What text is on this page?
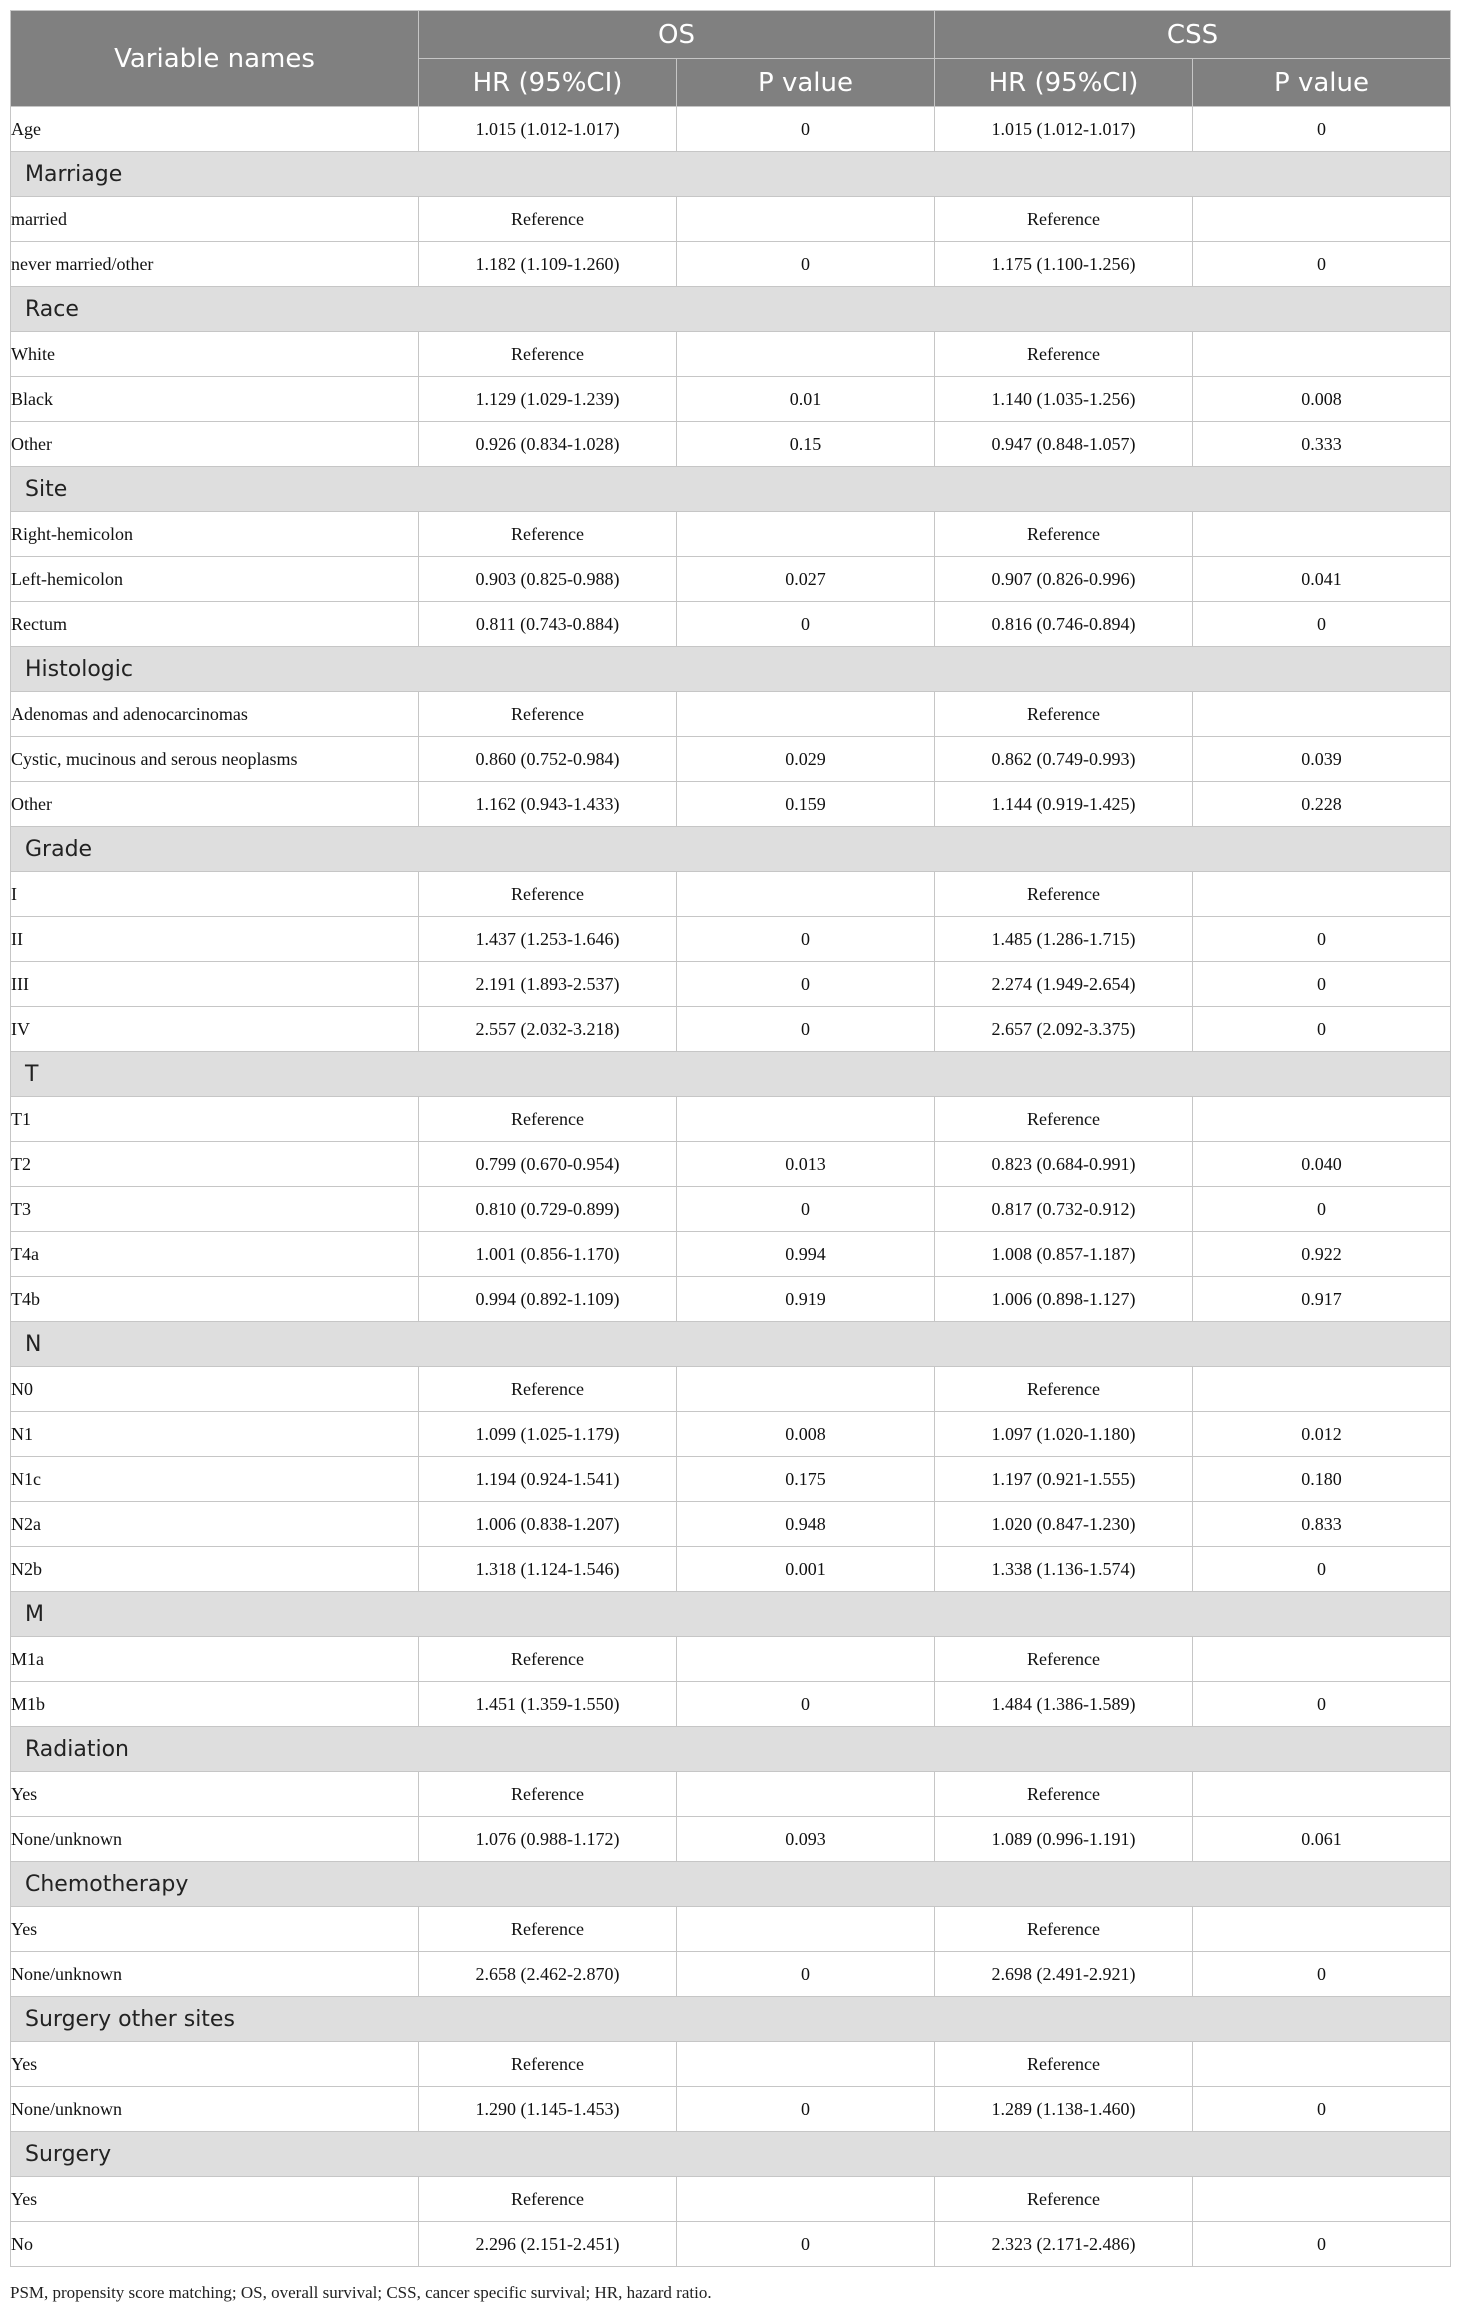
Variable names	OS		CSS	
	HR (95%CI)	P value	HR (95%CI)	P value
Age	1.015 (1.012-1.017)	0	1.015 (1.012-1.017)	0
Marriage				
married	Reference		Reference	
never married/other	1.182 (1.109-1.260)	0	1.175 (1.100-1.256)	0
Race				
White	Reference		Reference	
Black	1.129 (1.029-1.239)	0.01	1.140 (1.035-1.256)	0.008
Other	0.926 (0.834-1.028)	0.15	0.947 (0.848-1.057)	0.333
Site				
Right-hemicolon	Reference		Reference	
Left-hemicolon	0.903 (0.825-0.988)	0.027	0.907 (0.826-0.996)	0.041
Rectum	0.811 (0.743-0.884)	0	0.816 (0.746-0.894)	0
Histologic				
Adenomas and adenocarcinomas	Reference		Reference	
Cystic, mucinous and serous neoplasms	0.860 (0.752-0.984)	0.029	0.862 (0.749-0.993)	0.039
Other	1.162 (0.943-1.433)	0.159	1.144 (0.919-1.425)	0.228
Grade				
I	Reference		Reference	
II	1.437 (1.253-1.646)	0	1.485 (1.286-1.715)	0
III	2.191 (1.893-2.537)	0	2.274 (1.949-2.654)	0
IV	2.557 (2.032-3.218)	0	2.657 (2.092-3.375)	0
T				
T1	Reference		Reference	
T2	0.799 (0.670-0.954)	0.013	0.823 (0.684-0.991)	0.040
T3	0.810 (0.729-0.899)	0	0.817 (0.732-0.912)	0
T4a	1.001 (0.856-1.170)	0.994	1.008 (0.857-1.187)	0.922
T4b	0.994 (0.892-1.109)	0.919	1.006 (0.898-1.127)	0.917
N				
N0	Reference		Reference	
N1	1.099 (1.025-1.179)	0.008	1.097 (1.020-1.180)	0.012
N1c	1.194 (0.924-1.541)	0.175	1.197 (0.921-1.555)	0.180
N2a	1.006 (0.838-1.207)	0.948	1.020 (0.847-1.230)	0.833
N2b	1.318 (1.124-1.546)	0.001	1.338 (1.136-1.574)	0
M				
M1a	Reference		Reference	
M1b	1.451 (1.359-1.550)	0	1.484 (1.386-1.589)	0
Radiation				
Yes	Reference		Reference	
None/unknown	1.076 (0.988-1.172)	0.093	1.089 (0.996-1.191)	0.061
Chemotherapy				
Yes	Reference		Reference	
None/unknown	2.658 (2.462-2.870)	0	2.698 (2.491-2.921)	0
Surgery other sites				
Yes	Reference		Reference	
None/unknown	1.290 (1.145-1.453)	0	1.289 (1.138-1.460)	0
Surgery				
Yes	Reference		Reference	
No	2.296 (2.151-2.451)	0	2.323 (2.171-2.486)	0
PSM, propensity score matching; OS, overall survival; CSS, cancer specific survival; HR, hazard ratio.
